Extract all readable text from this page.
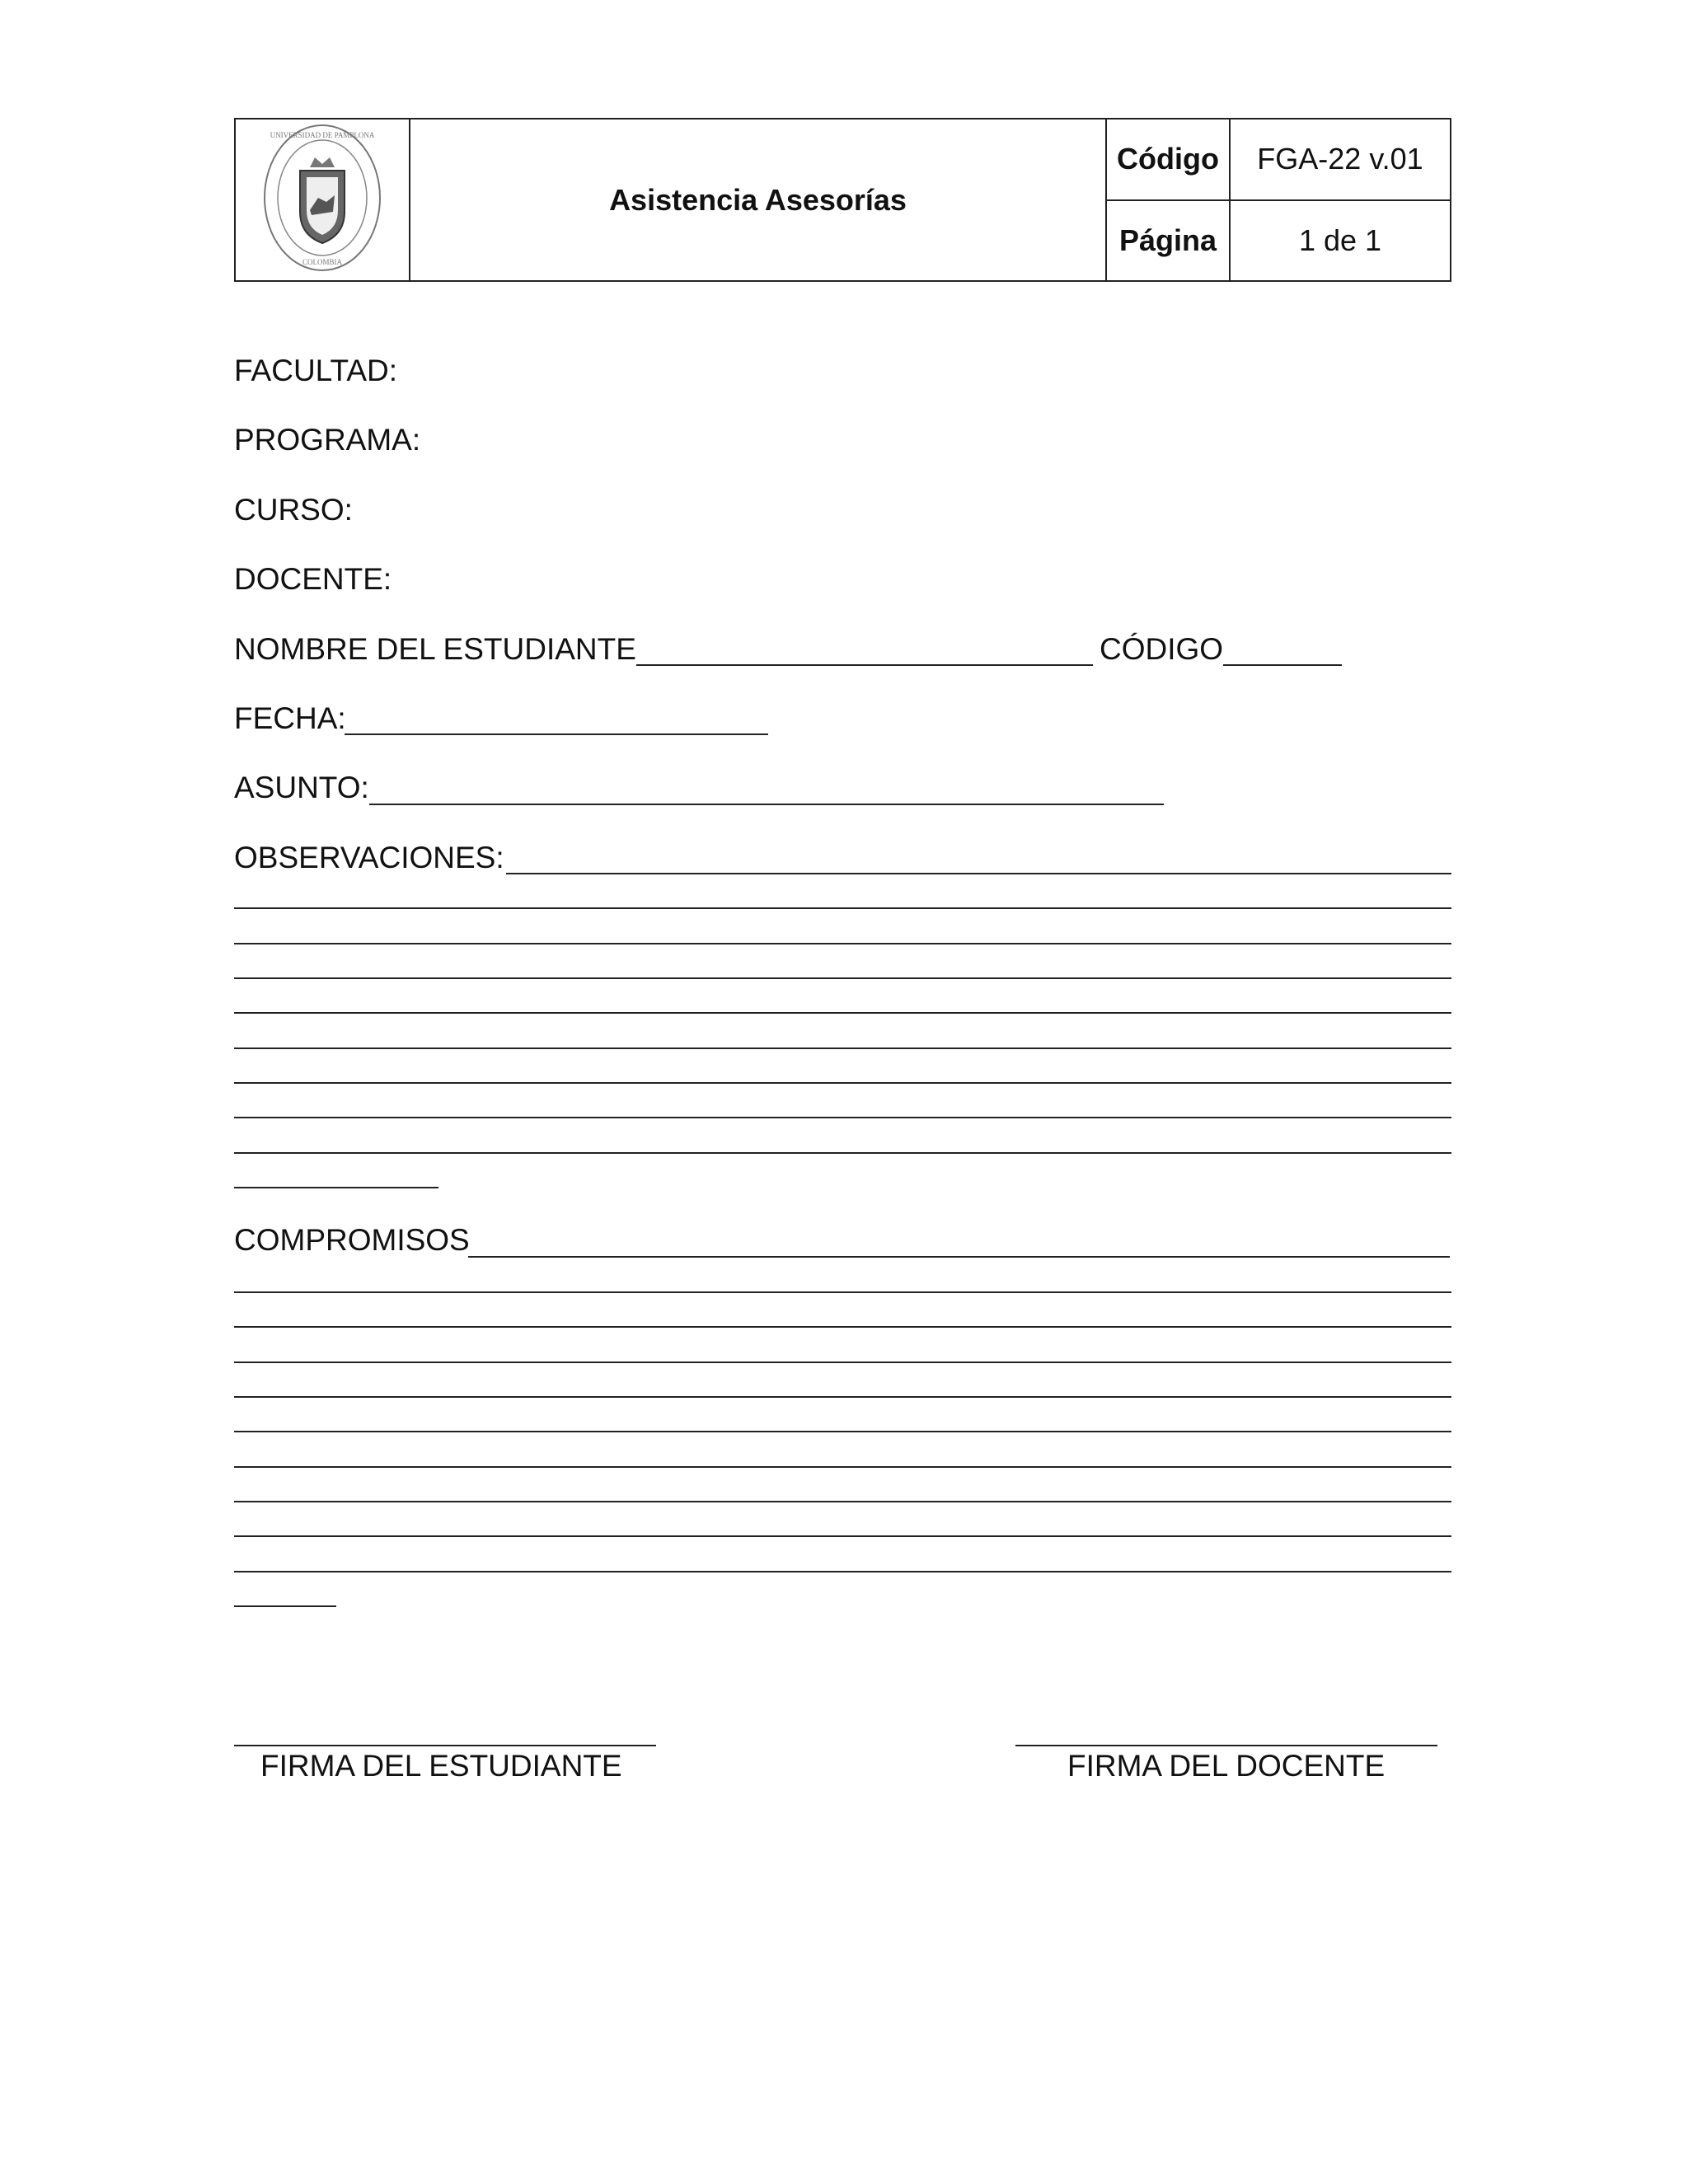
UNIVERSIDAD DE PAMPLONA
COLOMBIA	Asistencia Asesorías	Código	FGA-22 v.01
		Página	1 de 1
FACULTAD:
PROGRAMA:
CURSO:
DOCENTE:
NOMBRE DEL ESTUDIANTE	CÓDIGO
FECHA:
ASUNTO:
OBSERVACIONES:
COMPROMISOS
FIRMA DEL ESTUDIANTE	FIRMA DEL DOCENTE
